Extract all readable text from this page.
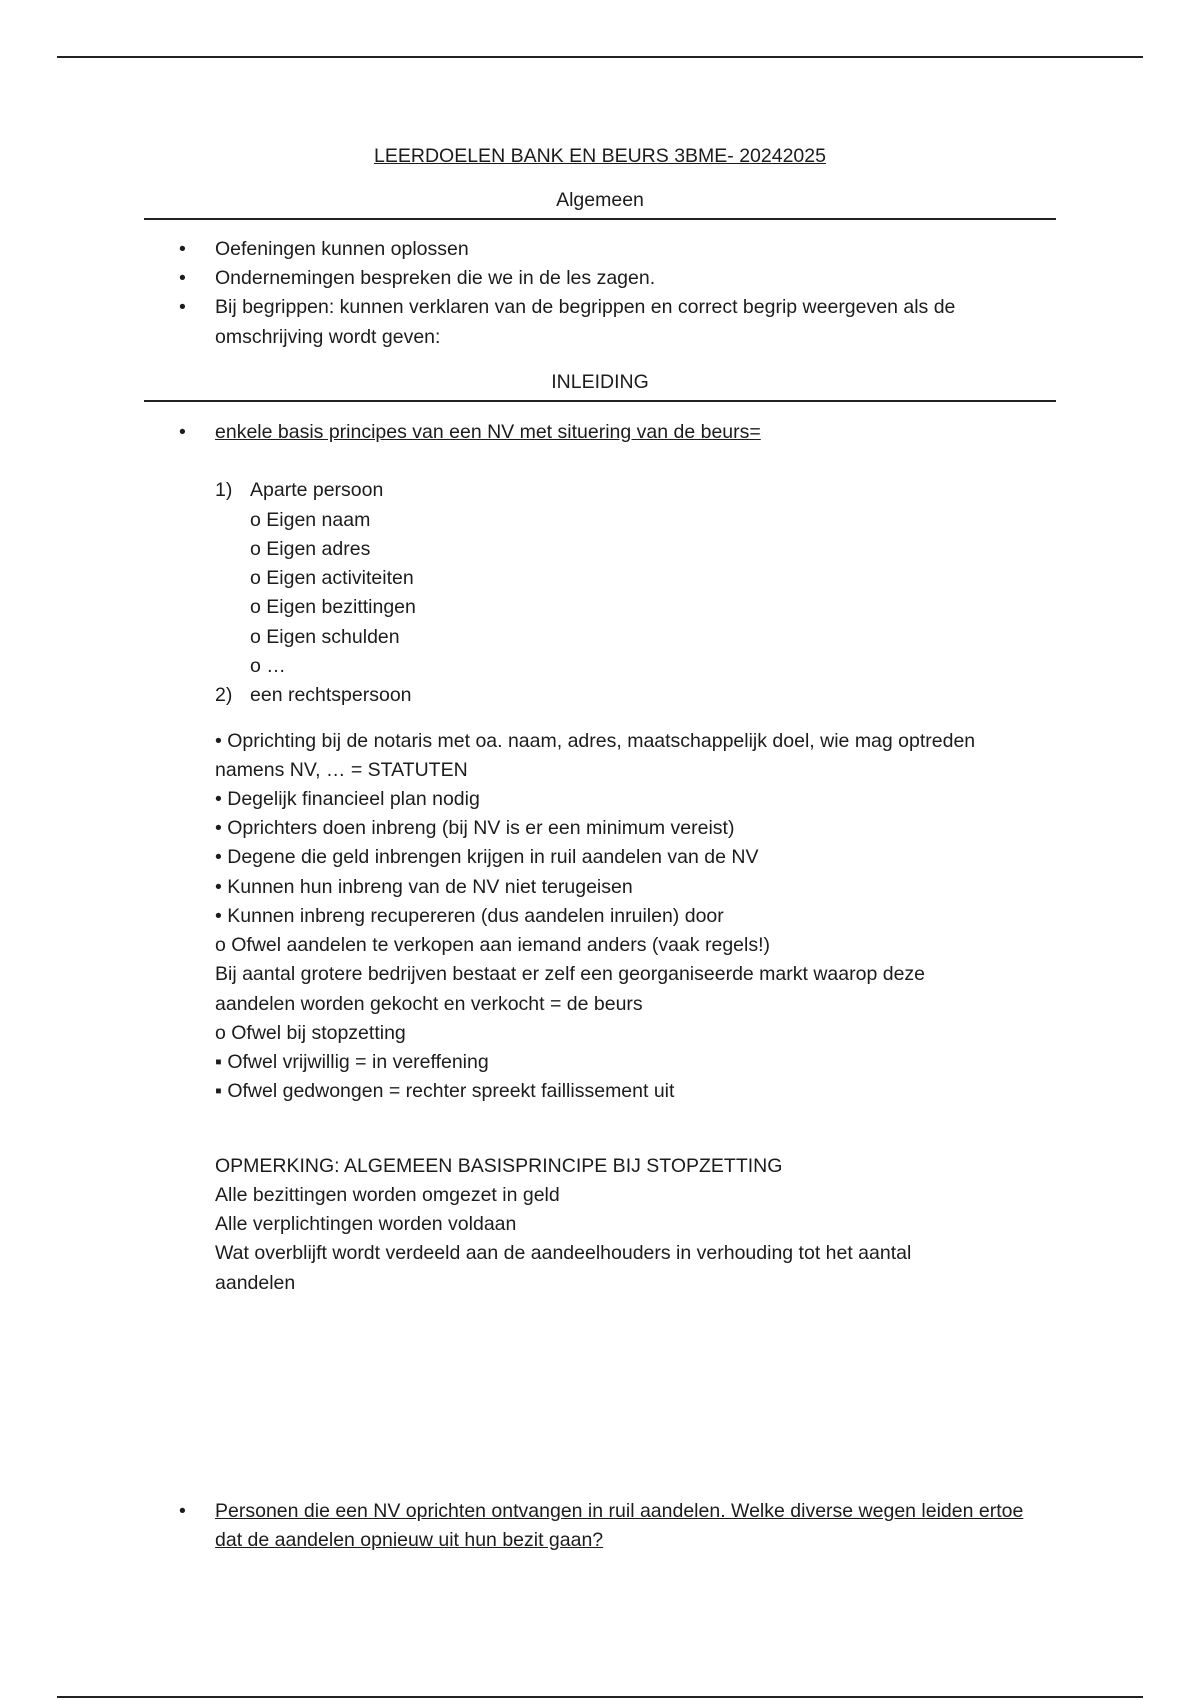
LEERDOELEN BANK EN BEURS 3BME- 20242025
Algemeen
• Oefeningen kunnen oplossen
• Ondernemingen bespreken die we in de les zagen.
• Bij begrippen: kunnen verklaren van de begrippen en correct begrip weergeven als de
omschrijving wordt geven:
INLEIDING
• enkele basis principes van een NV met situering van de beurs=
1) Aparte persoon
o Eigen naam
o Eigen adres
o Eigen activiteiten
o Eigen bezittingen
o Eigen schulden
o …
2) een rechtspersoon
• Oprichting bij de notaris met oa. naam, adres, maatschappelijk doel, wie mag optreden
namens NV, … = STATUTEN
• Degelijk financieel plan nodig
• Oprichters doen inbreng (bij NV is er een minimum vereist)
• Degene die geld inbrengen krijgen in ruil aandelen van de NV
• Kunnen hun inbreng van de NV niet terugeisen
• Kunnen inbreng recupereren (dus aandelen inruilen) door
o Ofwel aandelen te verkopen aan iemand anders (vaak regels!)
Bij aantal grotere bedrijven bestaat er zelf een georganiseerde markt waarop deze
aandelen worden gekocht en verkocht = de beurs
o Ofwel bij stopzetting
▪ Ofwel vrijwillig = in vereffening
▪ Ofwel gedwongen = rechter spreekt faillissement uit
OPMERKING: ALGEMEEN BASISPRINCIPE BIJ STOPZETTING
Alle bezittingen worden omgezet in geld
Alle verplichtingen worden voldaan
Wat overblijft wordt verdeeld aan de aandeelhouders in verhouding tot het aantal
aandelen
• Personen die een NV oprichten ontvangen in ruil aandelen. Welke diverse wegen leiden ertoe
dat de aandelen opnieuw uit hun bezit gaan?
